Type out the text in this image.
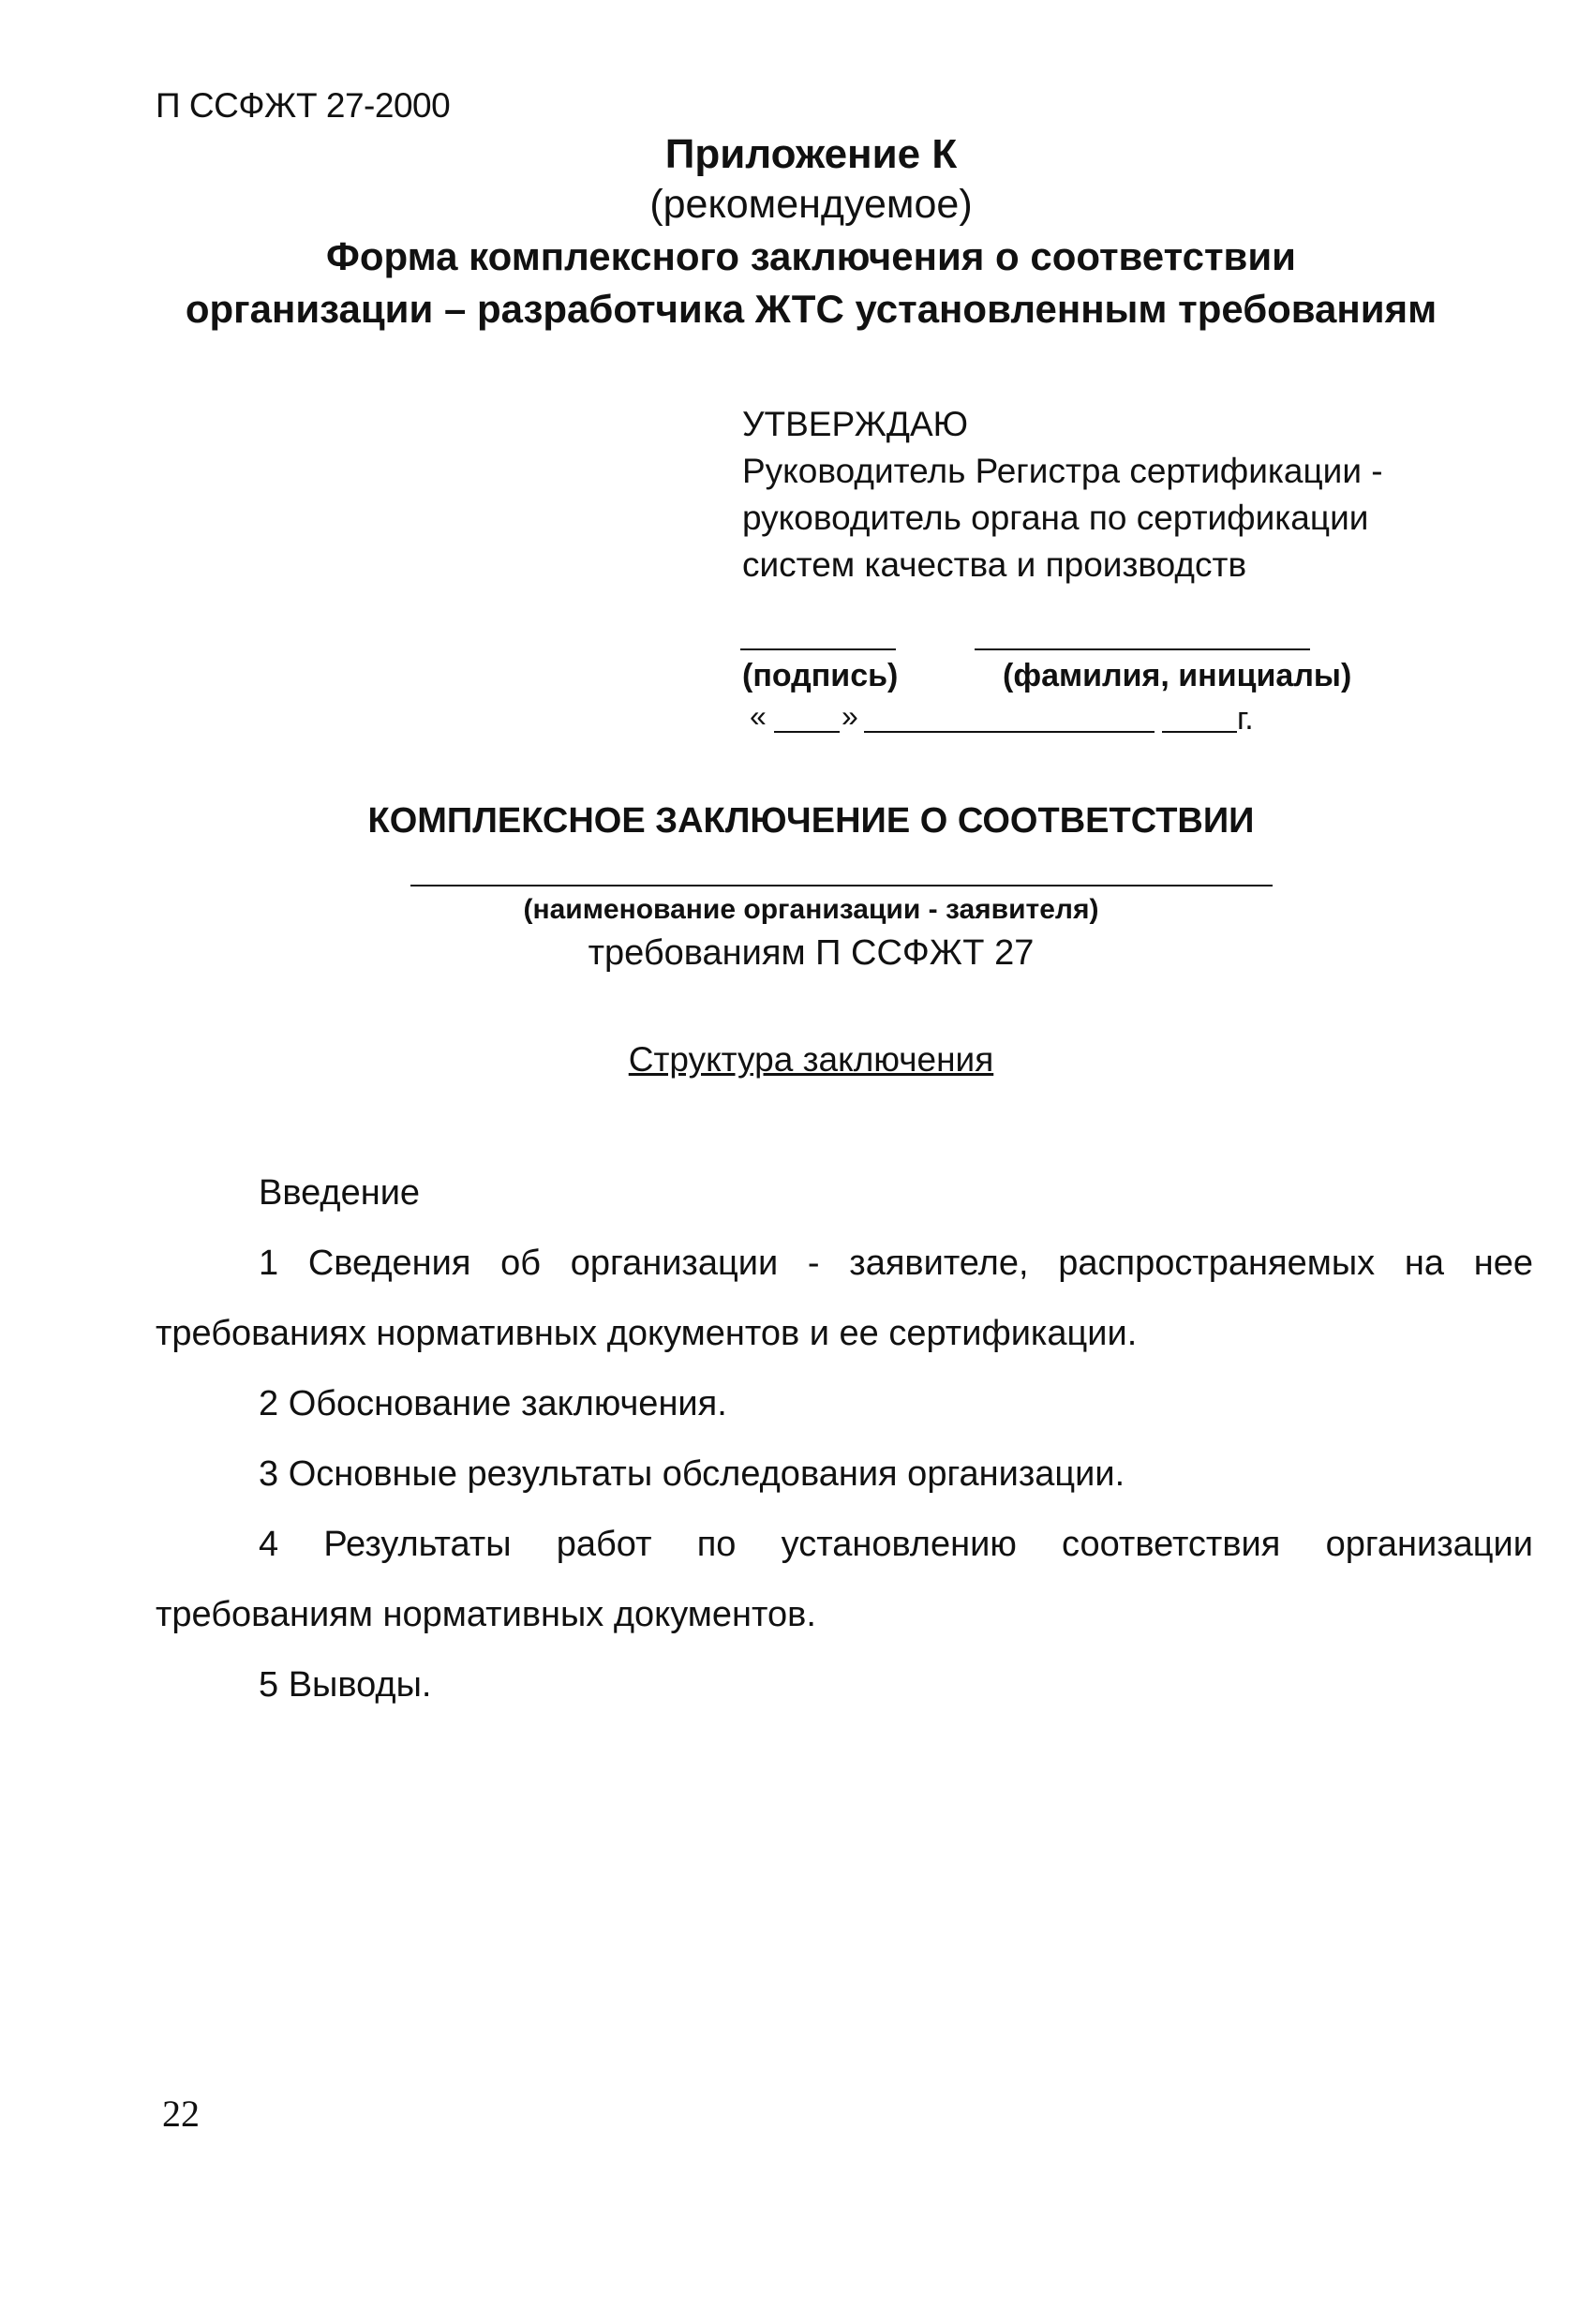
П ССФЖТ 27-2000
Приложение К
(рекомендуемое)
Форма комплексного заключения о соответствии
организации – разработчика ЖТС установленным требованиям
УТВЕРЖДАЮ
Руководитель Регистра сертификации -
руководитель органа по сертификации
систем качества и производств
(подпись)	(фамилия, инициалы)
«	»	г.
КОМПЛЕКСНОЕ ЗАКЛЮЧЕНИЕ О СООТВЕТСТВИИ
(наименование организации - заявителя)
требованиям П ССФЖТ 27
Структура заключения

Введение

1 Сведения об организации - заявителе, распространяемых на нее требованиях нормативных документов и ее сертификации.

2 Обоснование заключения.

3 Основные результаты обследования организации.

4 Результаты работ по установлению соответствия организации требованиям нормативных документов.

5 Выводы.

22
